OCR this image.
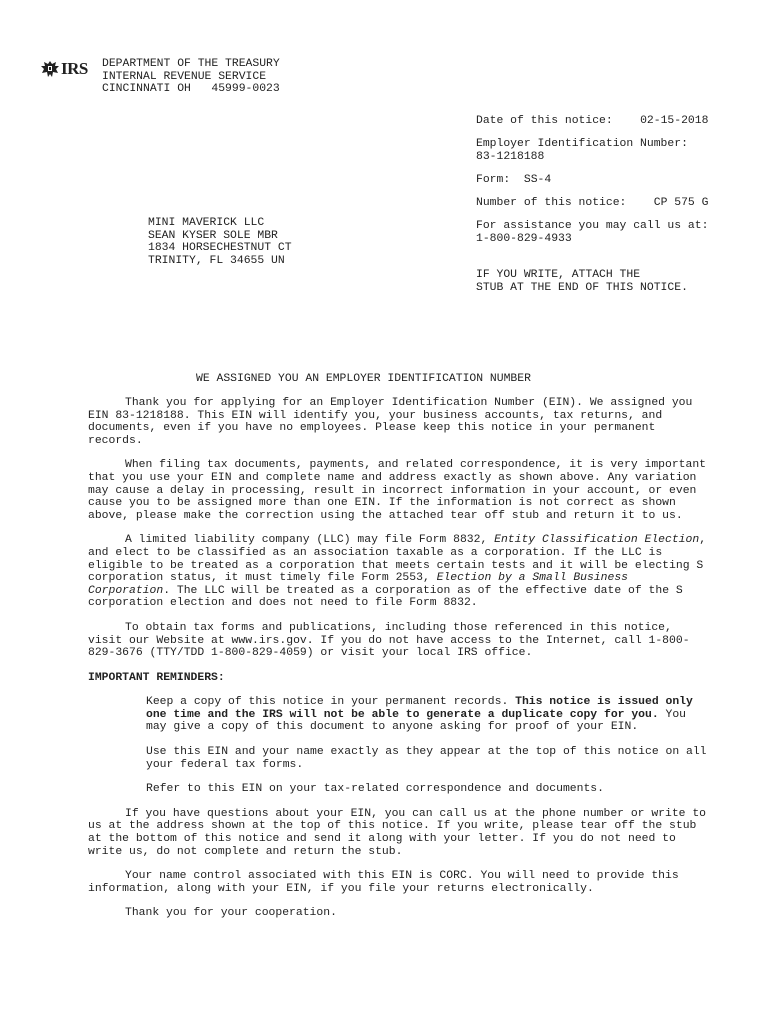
IRS DEPARTMENT OF THE TREASURY
INTERNAL REVENUE SERVICE
CINCINNATI OH   45999-0023
Date of this notice: 02-15-2018
Employer Identification Number:
83-1218188
Form: SS-4
Number of this notice: CP 575 G
For assistance you may call us at:
1-800-829-4933
IF YOU WRITE, ATTACH THE
STUB AT THE END OF THIS NOTICE.
MINI MAVERICK LLC
SEAN KYSER SOLE MBR
1834 HORSECHESTNUT CT
TRINITY, FL 34655 UN
WE ASSIGNED YOU AN EMPLOYER IDENTIFICATION NUMBER

Thank you for applying for an Employer Identification Number (EIN). We assigned you EIN 83-1218188. This EIN will identify you, your business accounts, tax returns, and documents, even if you have no employees. Please keep this notice in your permanent records.

When filing tax documents, payments, and related correspondence, it is very important that you use your EIN and complete name and address exactly as shown above. Any variation may cause a delay in processing, result in incorrect information in your account, or even cause you to be assigned more than one EIN. If the information is not correct as shown above, please make the correction using the attached tear off stub and return it to us.

A limited liability company (LLC) may file Form 8832, Entity Classification Election, and elect to be classified as an association taxable as a corporation. If the LLC is eligible to be treated as a corporation that meets certain tests and it will be electing S corporation status, it must timely file Form 2553, Election by a Small Business Corporation. The LLC will be treated as a corporation as of the effective date of the S corporation election and does not need to file Form 8832.

To obtain tax forms and publications, including those referenced in this notice, visit our Website at www.irs.gov. If you do not have access to the Internet, call 1-800-829-3676 (TTY/TDD 1-800-829-4059) or visit your local IRS office.

IMPORTANT REMINDERS:

Keep a copy of this notice in your permanent records. This notice is issued only one time and the IRS will not be able to generate a duplicate copy for you. You may give a copy of this document to anyone asking for proof of your EIN.

Use this EIN and your name exactly as they appear at the top of this notice on all your federal tax forms.

Refer to this EIN on your tax-related correspondence and documents.

If you have questions about your EIN, you can call us at the phone number or write to us at the address shown at the top of this notice. If you write, please tear off the stub at the bottom of this notice and send it along with your letter. If you do not need to write us, do not complete and return the stub.

Your name control associated with this EIN is CORC. You will need to provide this information, along with your EIN, if you file your returns electronically.

Thank you for your cooperation.
